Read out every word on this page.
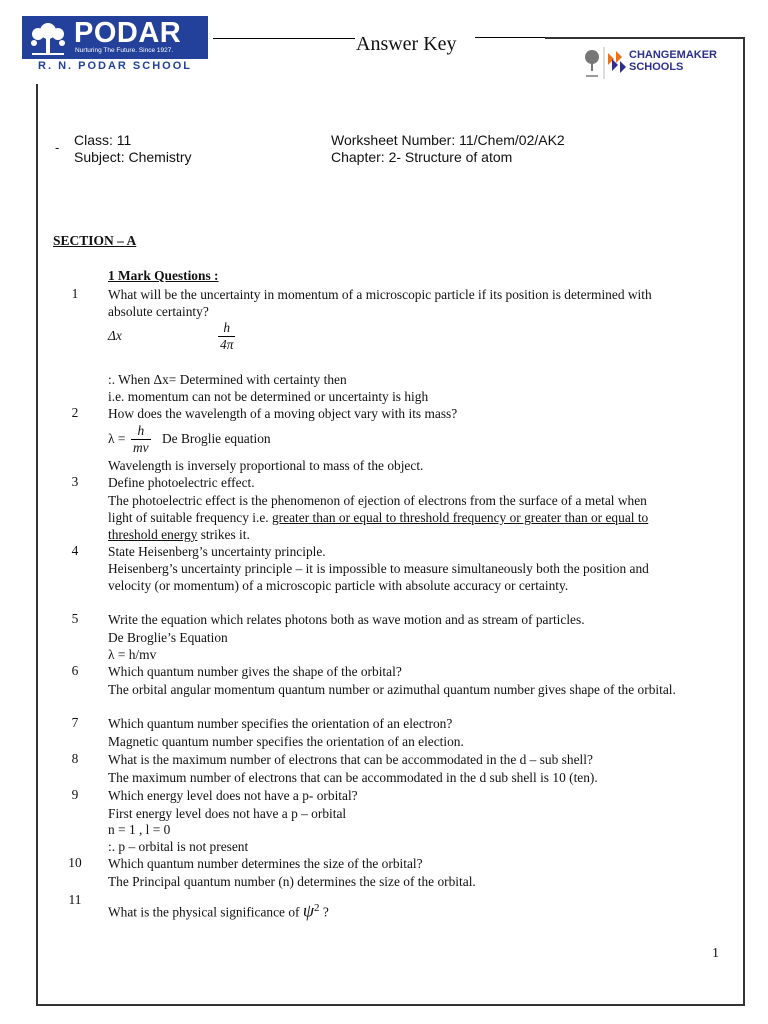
PODAR
Nurturing The Future. Since 1927.
R. N. PODAR SCHOOL
Answer Key	CHANGEMAKER
SCHOOLS
- Class: 11
Subject: Chemistry
Worksheet Number: 11/Chem/02/AK2
Chapter: 2- Structure of atom
SECTION – A
1 Mark Questions :
1	What will be the uncertainty in momentum of a microscopic particle if its position is determined with absolute certainty?
Δx	$\frac{h}{4\pi}$
:. When Δx= Determined with certainty then
i.e. momentum can not be determined or uncertainty is high
2	How does the wavelength of a moving object vary with its mass?
$\lambda = \frac{h}{mv}$ De Broglie equation
Wavelength is inversely proportional to mass of the object.
3	Define photoelectric effect.
The photoelectric effect is the phenomenon of ejection of electrons from the surface of a metal when light of suitable frequency i.e. greater than or equal to threshold frequency or greater than or equal to threshold energy strikes it.
4	State Heisenberg’s uncertainty principle.
Heisenberg’s uncertainty principle – it is impossible to measure simultaneously both the position and velocity (or momentum) of a microscopic particle with absolute accuracy or certainty.
5	Write the equation which relates photons both as wave motion and as stream of particles.
De Broglie’s Equation
λ = h/mv
6	Which quantum number gives the shape of the orbital?
The orbital angular momentum quantum number or azimuthal quantum number gives shape of the orbital.
7	Which quantum number specifies the orientation of an electron?
Magnetic quantum number specifies the orientation of an election.
8	What is the maximum number of electrons that can be accommodated in the d – sub shell?
The maximum number of electrons that can be accommodated in the d sub shell is 10 (ten).
9	Which energy level does not have a p- orbital?
First energy level does not have a p – orbital
n = 1 , l = 0
:. p – orbital is not present
10	Which quantum number determines the size of the orbital?
The Principal quantum number (n) determines the size of the orbital.
11
What is the physical significance of $\psi^2$ ?
1
